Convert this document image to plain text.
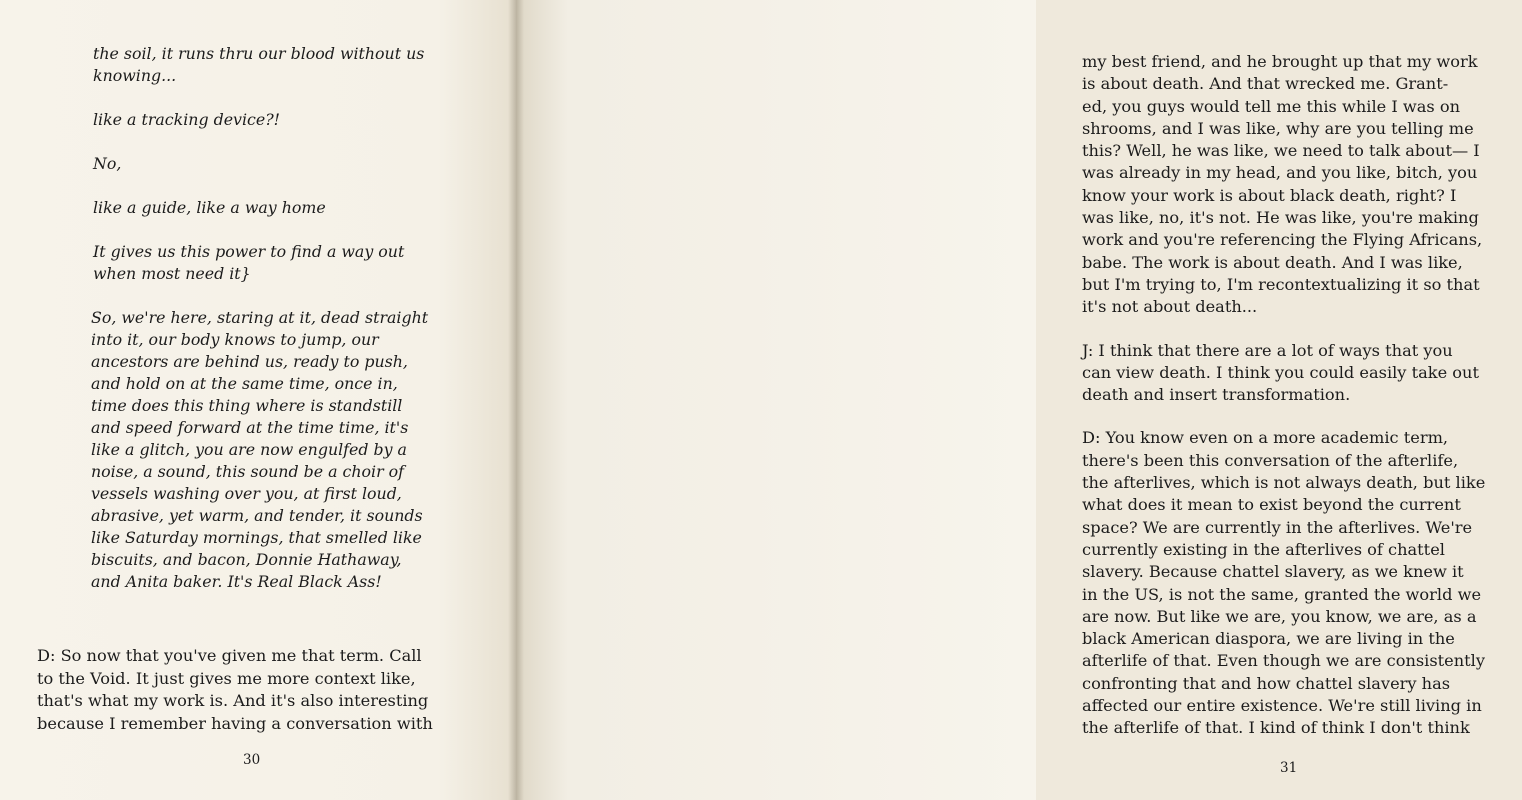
the soil, it runs thru our blood without us
knowing...
like a tracking device?!
No,
like a guide, like a way home
It gives us this power to find a way out
when most need it}
So, we're here, staring at it, dead straight
into it, our body knows to jump, our
ancestors are behind us, ready to push,
and hold on at the same time, once in,
time does this thing where is standstill
and speed forward at the time time, it's
like a glitch, you are now engulfed by a
noise, a sound, this sound be a choir of
vessels washing over you, at first loud,
abrasive, yet warm, and tender, it sounds
like Saturday mornings, that smelled like
biscuits, and bacon, Donnie Hathaway,
and Anita baker. It's Real Black Ass!
D: So now that you've given me that term. Call
to the Void. It just gives me more context like,
that's what my work is. And it's also interesting
because I remember having a conversation with
30
my best friend, and he brought up that my work
is about death. And that wrecked me. Grant-
ed, you guys would tell me this while I was on
shrooms, and I was like, why are you telling me
this? Well, he was like, we need to talk about— I
was already in my head, and you like, bitch, you
know your work is about black death, right? I
was like, no, it's not. He was like, you're making
work and you're referencing the Flying Africans,
babe. The work is about death. And I was like,
but I'm trying to, I'm recontextualizing it so that
it's not about death...
J: I think that there are a lot of ways that you
can view death. I think you could easily take out
death and insert transformation.
D: You know even on a more academic term,
there's been this conversation of the afterlife,
the afterlives, which is not always death, but like
what does it mean to exist beyond the current
space? We are currently in the afterlives. We're
currently existing in the afterlives of chattel
slavery. Because chattel slavery, as we knew it
in the US, is not the same, granted the world we
are now. But like we are, you know, we are, as a
black American diaspora, we are living in the
afterlife of that. Even though we are consistently
confronting that and how chattel slavery has
affected our entire existence. We're still living in
the afterlife of that. I kind of think I don't think
31
